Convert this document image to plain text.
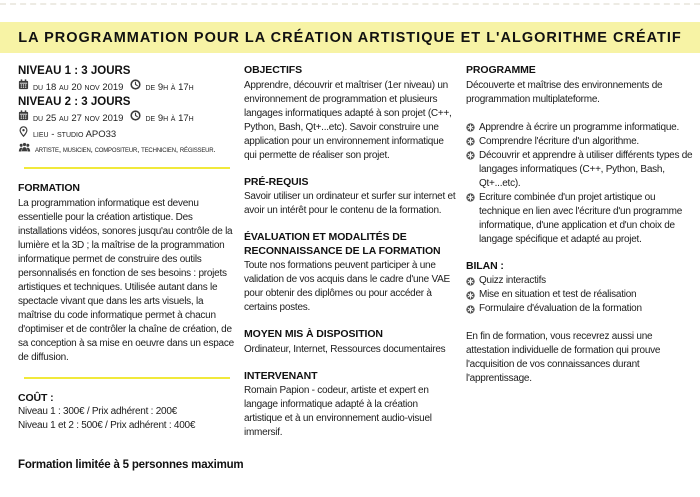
LA PROGRAMMATION POUR LA CRÉATION ARTISTIQUE ET L'ALGORITHME CRÉATIF
NIVEAU 1 : 3 JOURS
du 18 au 20 nov 2019 de 9h à 17h
NIVEAU 2 : 3 JOURS
du 25 au 27 nov 2019 de 9h à 17h
lieu - studio APO33
artiste, musicien, compositeur, technicien, régisseur.
FORMATION

La programmation informatique est devenu essentielle pour la création artistique. Des installations vidéos, sonores jusqu'au contrôle de la lumière et la 3D ; la maîtrise de la programmation informatique permet de construire des outils personnalisés en fonction de ses besoins : projets artistiques et techniques. Utilisée autant dans le spectacle vivant que dans les arts visuels, la maîtrise du code informatique permet à chacun d'optimiser et de contrôler la chaîne de création, de sa conception à sa mise en oeuvre dans un espace de diffusion.

COÛT :
Niveau 1 : 300€ / Prix adhérent : 200€
Niveau 1 et 2 : 500€ / Prix adhérent : 400€
Formation limitée à 5 personnes maximum
OBJECTIFS

Apprendre, découvrir et maîtriser (1er niveau) un environnement de programmation et plusieurs langages informatiques adapté à son projet (C++, Python, Bash, Qt+...etc). Savoir construire une application pour un environnement informatique qui permette de réaliser son projet.

PRÉ-REQUIS

Savoir utiliser un ordinateur et surfer sur internet et avoir un intérêt pour le contenu de la formation.

ÉVALUATION ET MODALITÉS DE RECONNAISSANCE DE LA FORMATION

Toute nos formations peuvent participer à une validation de vos acquis dans le cadre d'une VAE pour obtenir des diplômes ou pour accéder à certains postes.

MOYEN MIS À DISPOSITION

Ordinateur, Internet, Ressources documentaires

INTERVENANT

Romain Papion - codeur, artiste et expert en langage informatique adapté à la création artistique et à un environnement audio-visuel immersif.

PROGRAMME

Découverte et maîtrise des environnements de programmation multiplateforme.

Apprendre à écrire un programme informatique.
Comprendre l'écriture d'un algorithme.
Découvrir et apprendre à utiliser différents types de langages informatiques (C++, Python, Bash, Qt+...etc).
Ecriture combinée d'un projet artistique ou technique en lien avec l'écriture d'un programme informatique, d'une application et d'un choix de langage spécifique et adapté au projet.
BILAN :
Quizz interactifs
Mise en situation et test de réalisation
Formulaire d'évaluation de la formation

En fin de formation, vous recevrez aussi une attestation individuelle de formation qui prouve l'acquisition de vos connaissances durant l'apprentissage.
